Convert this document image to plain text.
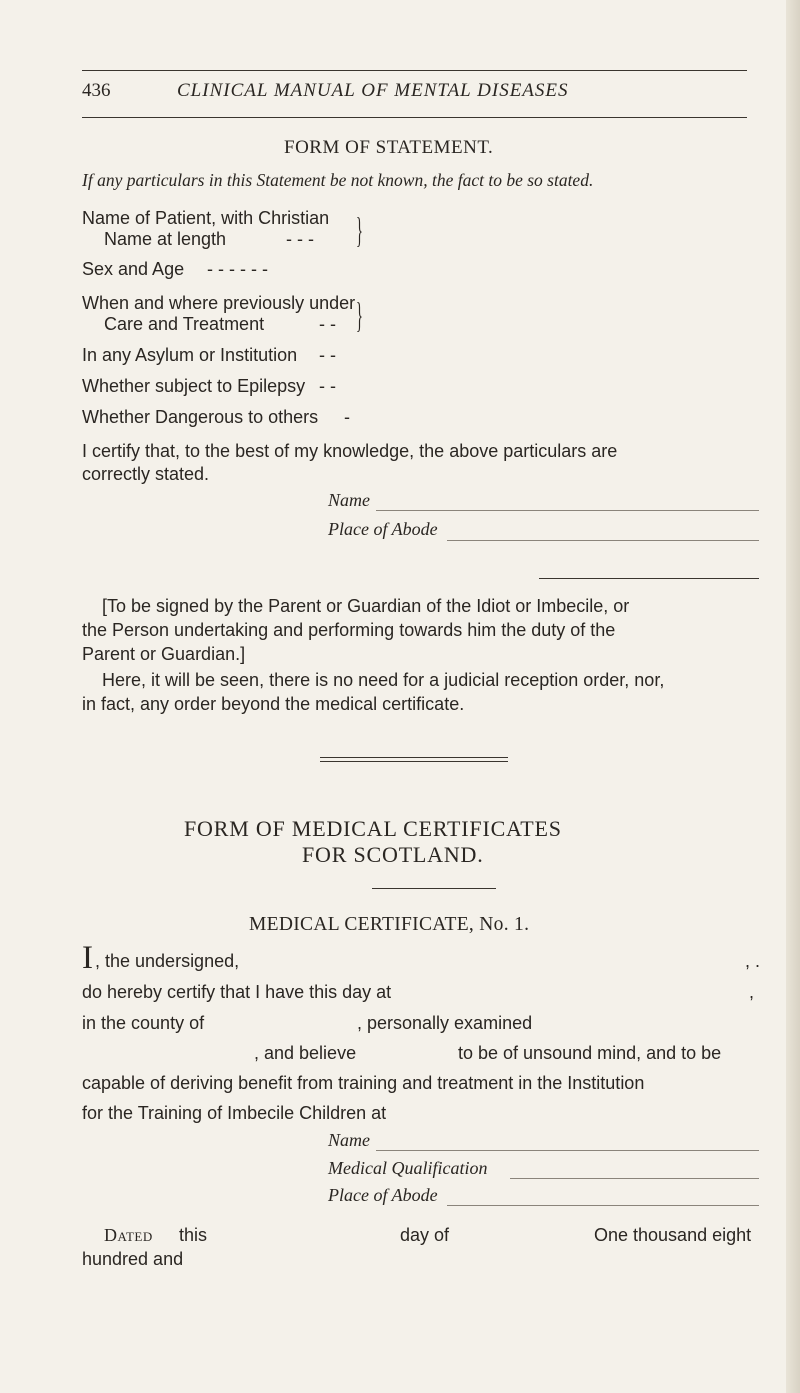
436	CLINICAL MANUAL OF MENTAL DISEASES
FORM OF STATEMENT.
If any particulars in this Statement be not known, the fact to be so stated.
Name of Patient, with Christian
Name at length	- - - }
Sex and Age - - - - - -
When and where previously under
Care and Treatment	- - }
In any Asylum or Institution - -
Whether subject to Epilepsy - -
Whether Dangerous to others -
I certify that, to the best of my knowledge, the above particulars are
correctly stated.
Name
Place of Abode
[To be signed by the Parent or Guardian of the Idiot or Imbecile, or
the Person undertaking and performing towards him the duty of the
Parent or Guardian.]
Here, it will be seen, there is no need for a judicial reception order, nor,
in fact, any order beyond the medical certificate.
FORM OF MEDICAL CERTIFICATES
FOR SCOTLAND.
MEDICAL CERTIFICATE, No. 1.
I , the undersigned,	, .
do hereby certify that I have this day at	,
in the county of	, personally examined
, and believe	to be of unsound mind, and to be
capable of deriving benefit from training and treatment in the Institution
for the Training of Imbecile Children at
Name
Medical Qualification
Place of Abode
Dated this	day of	One thousand eight
hundred and
